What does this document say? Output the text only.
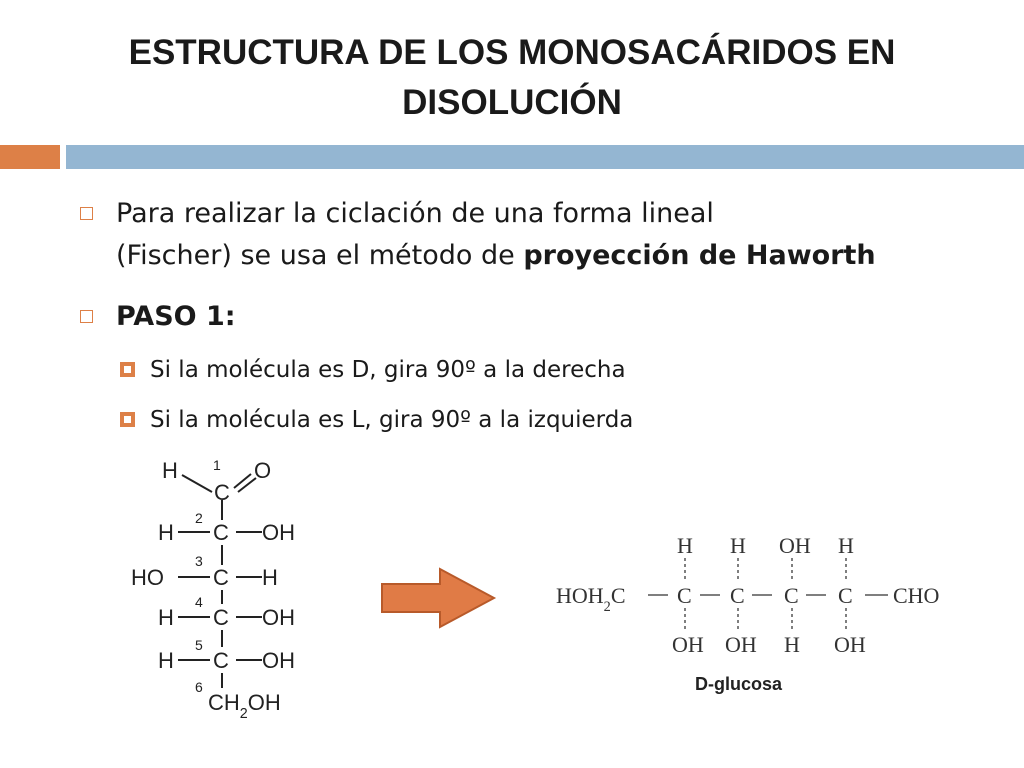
ESTRUCTURA DE LOS MONOSACÁRIDOS EN
DISOLUCIÓN
Para realizar la ciclación de una forma lineal
(Fischer) se usa el método de proyección de Haworth
PASO 1:
Si la molécula es D, gira 90º a la derecha
Si la molécula es L, gira 90º a la izquierda
H	1 O
C
2
H C OH
3
HO C H
4
H C OH
5
H C OH
6
$CH_2OH$
$HOH_2C$ C C C C CHO
H H OH H
OH OH H OH
D-glucosa
